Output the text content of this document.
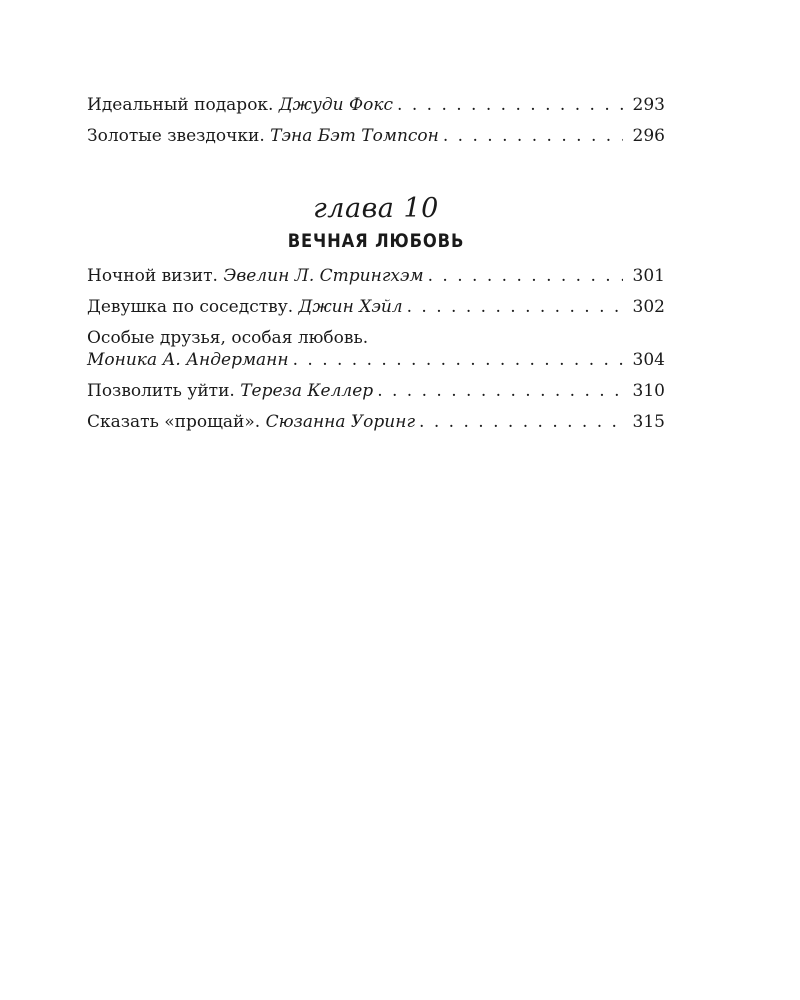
Идеальный подарок. Джуди Фокс . . .	293
Золотые звездочки. Тэна Бэт Томпсон . . .	296
глава 10
ВЕЧНАЯ ЛЮБОВЬ
Ночной визит. Эвелин Л. Стрингхэм . . .	301
Девушка по соседству. Джин Хэйл . . .	302
Особые друзья, особая любовь.
Моника А. Андерманн . . .	304
Позволить уйти. Тереза Келлер . . .	310
Сказать «прощай». Сюзанна Уоринг . . .	315
